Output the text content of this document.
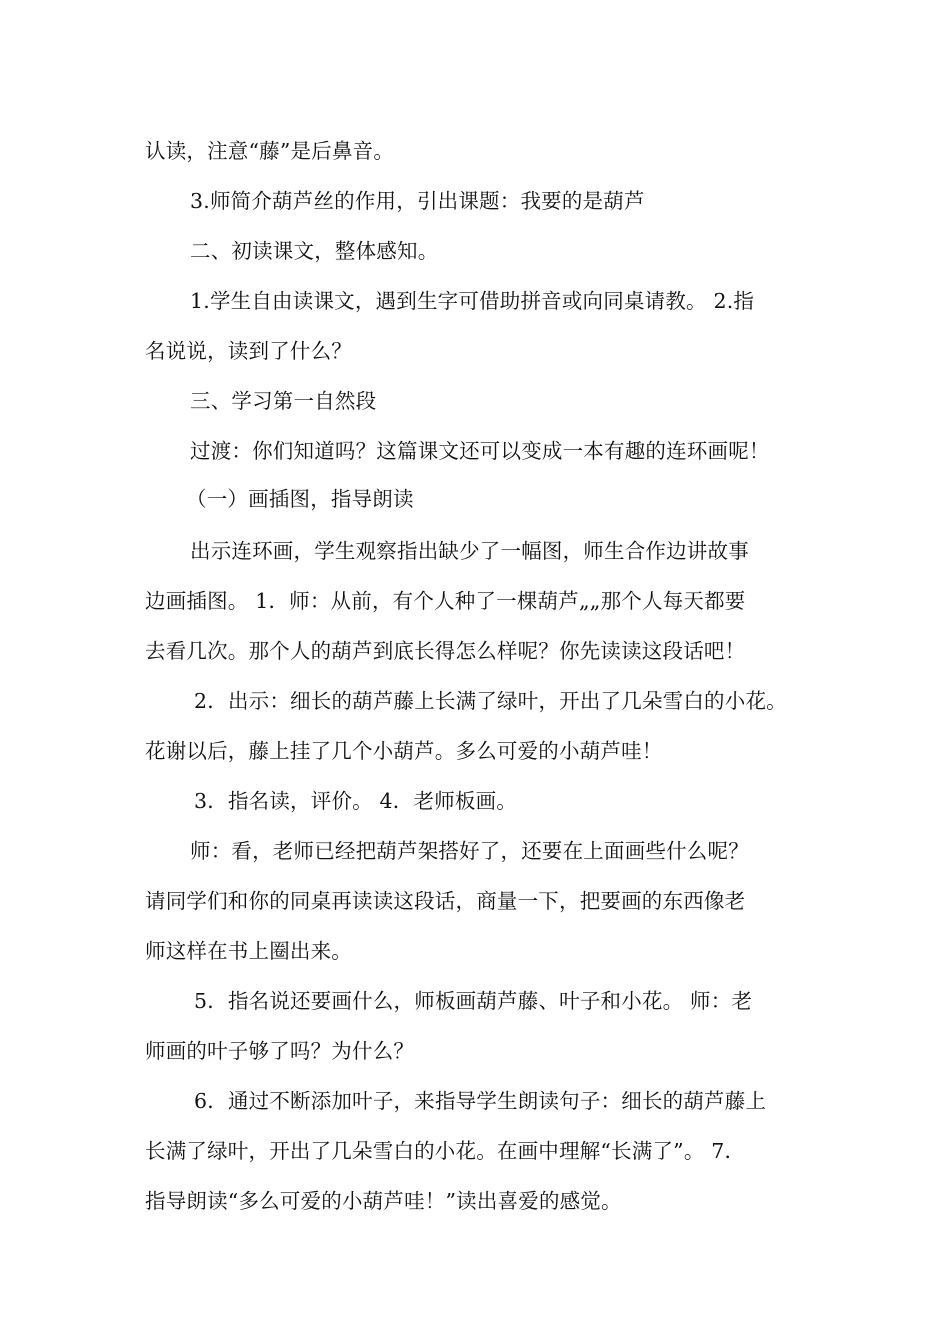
认读，注意“藤”是后鼻音。
3.师简介葫芦丝的作用，引出课题：我要的是葫芦
二、初读课文，整体感知。
1.学生自由读课文，遇到生字可借助拼音或向同桌请教。 2.指
名说说，读到了什么？
三、学习第一自然段
过渡：你们知道吗？这篇课文还可以变成一本有趣的连环画呢！
（一）画插图，指导朗读
出示连环画，学生观察指出缺少了一幅图，师生合作边讲故事
边画插图。 1．师：从前，有个人种了一棵葫芦„„那个人每天都要
去看几次。那个人的葫芦到底长得怎么样呢？你先读读这段话吧！
2．出示：细长的葫芦藤上长满了绿叶，开出了几朵雪白的小花。
花谢以后，藤上挂了几个小葫芦。多么可爱的小葫芦哇！
3．指名读，评价。 4．老师板画。
师：看，老师已经把葫芦架搭好了，还要在上面画些什么呢？
请同学们和你的同桌再读读这段话，商量一下，把要画的东西像老
师这样在书上圈出来。
5．指名说还要画什么，师板画葫芦藤、叶子和小花。 师：老
师画的叶子够了吗？为什么？
6．通过不断添加叶子，来指导学生朗读句子：细长的葫芦藤上
长满了绿叶，开出了几朵雪白的小花。在画中理解“长满了”。 7．
指导朗读“多么可爱的小葫芦哇！”读出喜爱的感觉。
